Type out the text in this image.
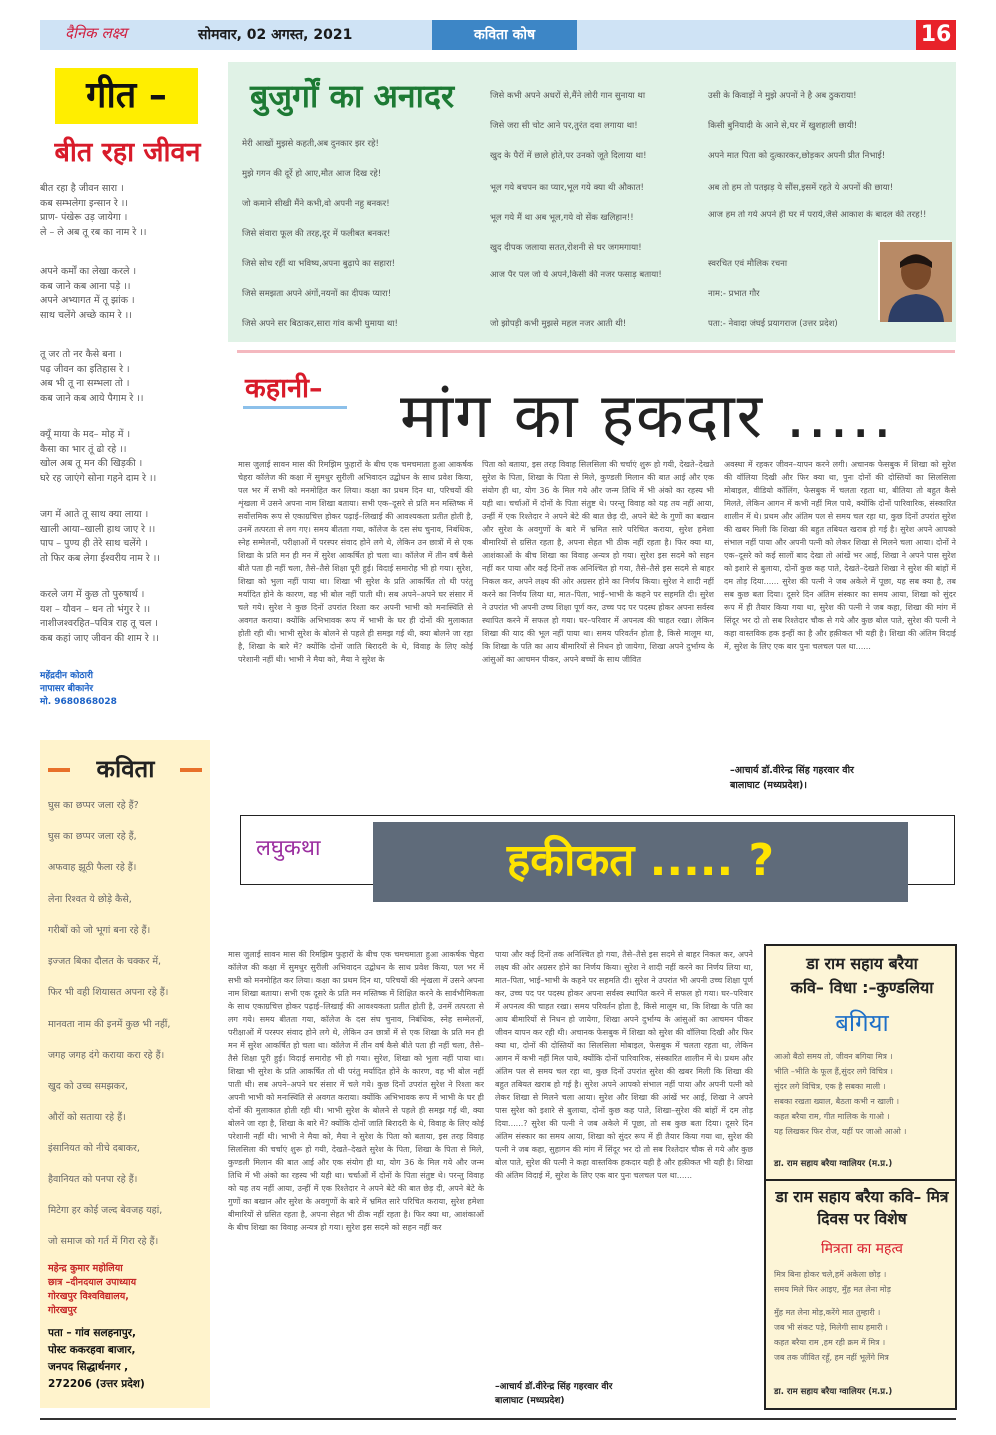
दैनिक लक्ष्य	सोमवार, 02 अगस्त, 2021	कविता कोष	16
गीत –
बीत रहा जीवन
बीत रहा है जीवन सारा ।
कब सम्भलेगा इन्सान रे ।।
प्राण- पंखेरू उड़ जायेगा ।
ले – ले अब तू रब का नाम रे ।।
अपने कर्मों का लेखा करले ।
कब जाने कब आना पड़े ।।
अपने अभ्यागत में तू झांक ।
साथ चलेंगे अच्छे काम रे ।।
तू जर तो नर कैसे बना ।
पढ़ जीवन का इतिहास रे ।
अब भी तू ना सम्भला तो ।
कब जाने कब आये पैगाम रे ।।
क्यूँ माया के मद– मोह में ।
कैसा का भार तूं ढो रहे ।।
खोल अब तू मन की खिड़की ।
घरे रह जाएंगे सोना गहने दाम रे ।।
जग में आते तू साथ क्या लाया ।
खाली आया–खाली हाथ जाए रे ।।
पाप – पुण्य ही तेरे साथ चलेंगे ।
तो फिर कब लेगा ईश्वरीय नाम रे ।।
करले जग में कुछ तो पुरुषार्थ ।
यश – यौवन – धन तो भंगुर रे ।।
नाशीजश्वरहित–पवित्र राह तू चल ।
कब कहां जाए जीवन की शाम रे ।।
महेंद्रदीन कोठारी
नापासर बीकानेर
मो. 9680868028
कविता
घुस का छप्पर जला रहे हैं?
घुस का छप्पर जला रहे हैं,
अफवाह झूठी फैला रहे हैं।
लेना रिश्वत ये छोड़े कैसे,
गरीबों को जो भूगां बना रहे हैं।
इज्जत बिका दौलत के चक्कर में,
फिर भी वही शियासत अपना रहे हैं।
मानवता नाम की इनमें कुछ भी नहीं,
जगह जगह दंगे कराया करा रहे हैं।
खुद को उच्च समझकर,
औरों को सताया रहे हैं।
इंसानियत को नीचे दबाकर,
हैवानियत को पनपा रहे हैं।
मिटेगा हर कोई जल्द बेवजह यहां,
जो समाज को गर्त में गिरा रहे हैं।
महेन्द्र कुमार महोलिया
छात्र –दीनदयाल उपाध्याय
गोरखपुर विश्वविद्यालय,
गोरखपुर
पता – गांव सलहनापुर,
पोस्ट ककरहवा बाजार,
जनपद सिद्धार्थनगर ,
272206 (उत्तर प्रदेश)
बुजुर्गों का अनादर
मेरी आखों मुझसे कहती,अब दुनकार झर रहे!
मुझे गगन की दूर्रे हो आए,मौत आज दिख रहे!
जो कमाने सीखी मैंने कभी,वो अपनी नहु बनकर!
जिसे संवारा फूल की तरह,दूर में फलीबत बनकर!
जिसे सोच रहीं था भविष्य,अपना बुढ़ापे का सहारा!
जिसे समझता अपने अंगों,नयनों का दीपक प्यारा!
जिसे अपने सर बिठाकर,सारा गांव कभी घुमाया था!
जिसे कभी अपने अधरों से,मैंने लोरी गान सुनाया था
जिसे जरा सी चोट आने पर,तुरंत दवा लगाया था!
खुद के पैरों में छाले होते,पर उनको जूते दिलाया था!
भूल गये बचपन का प्यार,भूल गये क्या थी औकात!
भूल गये मैं था अब भूल,गये वो सेंक खलिहान!!
खुद दीपक जलाया सतत,रोशनी से घर जगमगाया!
आज पैर पल जो ये अपने,किसी की नजर फसाड़ बताया!
जो झोपड़ी कभी मुझसे महल नजर आती थी!
उसी के किवाड़ों ने मुझे अपनों ने है अब ठुकराया!
किसी बुनियादी के आने से,घर में खुशहाली छायी!
अपने मात पिता को दुत्कारकर,छोड़कर अपनी प्रीत निभाई!
अब तो हम तो पतझड़ ये सौंस,इसमें रहते ये अपनों की छाया!
आज हम तो गये अपने ही घर में पराये,जैसे आकाश के बादल की तरह!!
स्वरचित एवं मौलिक रचना
नाम:- प्रभात गौर
पता:- नेवादा जंघई प्रयागराज (उत्तर प्रदेश)
कहानी– मांग का हकदार .....
मास जुलाई सावन मास की रिमझिम फुहारों के बीच एक चमचमाता हुआ आकर्षक चेहरा कॉलेज की कक्षा में सुमधुर सुरीली अभिवादन उद्बोधन के साथ प्रवेश किया, पल भर में सभी को मनमोहित कर लिया। कक्षा का प्रथम दिन था, परिचयों की शृंखला में उसने अपना नाम शिखा बताया। सभी एक–दूसरे से प्रति मन मस्तिष्क में सर्वोत्तमिक रूप से एकाग्रचित्त होकर पढ़ाई–लिखाई की आवश्यकता प्रतीत होती है, उनमें तत्परता से लग गए। समय बीतता गया, कॉलेज के दस संघ चुनाव, निबंधिक, स्नेह सम्मेलनों, परीक्षाओं में परस्पर संवाद होने लगे थे, लेकिन उन छात्रों में से एक शिखा के प्रति मन ही मन में सुरेश आकर्षित हो चला था। कॉलेज में तीन वर्ष कैसे बीते पता ही नहीं चला, तैसे–तैसे शिक्षा पूरी हुई। विदाई समारोह भी हो गया। सुरेश, शिखा को भुला नहीं पाया था। शिखा भी सुरेश के प्रति आकर्षित तो थी परंतु मर्यादित होने के कारण, वह भी बोल नहीं पाती थी। सब अपने–अपने घर संसार में चले गये। सुरेश ने कुछ दिनों उपरांत रिश्ता कर अपनी भाभी को मनःस्थिति से अवगत कराया। क्योंकि अभिभावक रूप में भाभी के घर ही दोनों की मुलाकात होती रही थी। भाभी सुरेश के बोलने से पहले ही समझ गई थी, क्या बोलने जा रहा है, शिखा के बारे में? क्योंकि दोनों जाति बिरादरी के थे, विवाह के लिए कोई परेशानी नहीं थी। भाभी ने मैया को, मैया ने सुरेश के
पिता को बताया, इस तरह विवाह सिलसिला की चर्चाएं शुरू हो गयी, देखते–देखते सुरेश के पिता, शिखा के पिता से मिले, कुण्डली मिलान की बात आई और एक संयोग ही था, योग 36 के मिल गये और जन्म तिथि में भी अंको का रहस्य भी यही था। चर्चाओं में दोनों के पिता संतुष्ट थे। परन्तु विवाह को यह तय नहीं आया, उन्हीं में एक रिश्तेदार ने अपने बेटे की बात छेड़ दी, अपने बेटे के गुणों का बखान और सुरेश के अवगुणों के बारे में भ्रमित सारे परिचित कराया, सुरेश हमेशा बीमारियों से ग्रसित रहता है, अपना सेहत भी ठीक नहीं रहता है। फिर क्या था, आशंकाओं के बीच शिखा का विवाह अन्यत्र हो गया। सुरेश इस सदमे को सहन नहीं कर पाया और कई दिनों तक अनिश्चित हो गया, तैसे–तैसे इस सदमे से बाहर निकल कर, अपने लक्ष्य की ओर अग्रसर होने का निर्णय किया। सुरेश ने शादी नहीं करने का निर्णय लिया था, मात–पिता, भाई–भाभी के कहने पर सहमति दी। सुरेश ने उपरांत भी अपनी उच्च शिक्षा पूर्ण कर, उच्च पद पर पदस्थ होकर अपना सर्वस्व स्थापित करने में सफल हो गया। घर–परिवार में अपनत्व की चाहत रखा। लेकिन शिखा की याद की भूल नहीं पाया था। समय परिवर्तन होता है, किसे मालूम था, कि शिखा के पति का आय बीमारियों से निधन हो जायेगा, शिखा अपने दुर्भाग्य के आंसुओं का आचमन पीकर, अपने बच्चों के साथ जीवित
अवस्था में रहकर जीवन–यापन करने लगी। अचानक फेसबुक में शिखा को सुरेश की वॉलिया दिखी और फिर क्या था, पुनः दोनों की दोस्तियों का सिलसिला मोबाइल, वीडियो कॉलिंग, फेसबुक में चलता रहता था, बीतिया तो बहुत कैसे मिलते, लेकिन आगन में कभी नहीं मिल पाये, क्योंकि दोनों पारिवारिक, संस्कारित शालीन में थे। प्रथम और अंतिम पल से समय चल रहा था, कुछ दिनों उपरांत सुरेश की खबर मिली कि शिखा की बहुत तबियत खराब हो गई है। सुरेश अपने आपको संभाल नहीं पाया और अपनी पत्नी को लेकर शिखा से मिलने चला आया। दोनों ने एक–दूसरे को कई सालों बाद देखा तो आंखें भर आई, शिखा ने अपने पास सुरेश को इशारे से बुलाया, दोनों कुछ कह पाते, देखते–देखते शिखा ने सुरेश की बांहों में दम तोड़ दिया...... सुरेश की पत्नी ने जब अकेले में पूछा, यह सब क्या है, तब सब कुछ बता दिया। दूसरे दिन अंतिम संस्कार का समय आया, शिखा को सुंदर रूप में ही तैयार किया गया था, सुरेश की पत्नी ने जब कहा, शिखा की मांग में सिंदूर भर दो तो सब रिश्तेदार चौक से गये और कुछ बोल पाते, सुरेश की पत्नी ने कहा वास्तविक हक इन्हीं का है और हक़ीकत भी यही है। शिखा की अंतिम विदाई में, सुरेश के लिए एक बार पुनः चलचल पल था......
–आचार्य डॉ.वीरेन्द्र सिंह गहरवार वीर
बालाघाट (मध्यप्रदेश)।
लघुकथा	हकीकत ..... ?
मास जुलाई सावन मास की रिमझिम फुहारों के बीच एक चमचमाता हुआ आकर्षक चेहरा कॉलेज की कक्षा में सुमधुर सुरीली अभिवादन उद्बोधन के साथ प्रवेश किया, पल भर में सभी को मनमोहित कर लिया। कक्षा का प्रथम दिन था, परिचयों की शृंखला में उसने अपना नाम शिखा बताया। सभी एक दूसरे के प्रति मन मस्तिष्क में शिक्षित करने के सार्वभौमिकता के साथ एकाग्रचित्त होकर पढ़ाई–लिखाई की आवश्यकता प्रतीत होती है, उनमें तत्परता से लग गये। समय बीतता गया, कॉलेज के दस संघ चुनाव, निबंधिक, स्नेह सम्मेलनों, परीक्षाओं में परस्पर संवाद होने लगे थे, लेकिन उन छात्रों में से एक शिखा के प्रति मन ही मन में सुरेश आकर्षित हो चला था। कॉलेज में तीन वर्ष कैसे बीते पता ही नहीं चला, तैसे–तैसे शिक्षा पूरी हुई। विदाई समारोह भी हो गया। सुरेश, शिखा को भुला नहीं पाया था। शिखा भी सुरेश के प्रति आकर्षित तो थी परंतु मर्यादित होने के कारण, वह भी बोल नहीं पाती थी। सब अपने–अपने घर संसार में चले गये। कुछ दिनों उपरांत सुरेश ने रिश्ता कर अपनी भाभी को मनःस्थिति से अवगत कराया। क्योंकि अभिभावक रूप में भाभी के घर ही दोनों की मुलाकात होती रही थी। भाभी सुरेश के बोलने से पहले ही समझ गई थी, क्या बोलने जा रहा है, शिखा के बारे में? क्योंकि दोनों जाति बिरादरी के थे, विवाह के लिए कोई परेशानी नहीं थी। भाभी ने मैया को, मैया ने सुरेश के पिता को बताया, इस तरह विवाह सिलसिला की चर्चाएं शुरू हो गयी, देखते–देखते सुरेश के पिता, शिखा के पिता से मिले, कुण्डली मिलान की बात आई और एक संयोग ही था, योग 36 के मिल गये और जन्म तिथि में भी अंको का रहस्य भी यही था। चर्चाओं में दोनों के पिता संतुष्ट थे। परन्तु विवाह को यह तय नहीं आया, उन्हीं में एक रिश्तेदार ने अपने बेटे की बात छेड़ दी, अपने बेटे के गुणों का बखान और सुरेश के अवगुणों के बारे में भ्रमित सारे परिचित कराया, सुरेश हमेशा बीमारियों से ग्रसित रहता है, अपना सेहत भी ठीक नहीं रहता है। फिर क्या था, आशंकाओं के बीच शिखा का विवाह अन्यत्र हो गया। सुरेश इस सदमे को सहन नहीं कर
पाया और कई दिनों तक अनिश्चित हो गया, तैसे–तैसे इस सदमे से बाहर निकल कर, अपने लक्ष्य की ओर अग्रसर होने का निर्णय किया। सुरेश ने शादी नहीं करने का निर्णय लिया था, मात–पिता, भाई–भाभी के कहने पर सहमति दी। सुरेश ने उपरांत भी अपनी उच्च शिक्षा पूर्ण कर, उच्च पद पर पदस्थ होकर अपना सर्वस्व स्थापित करने में सफल हो गया। घर–परिवार में अपनत्व की चाहत रखा। समय परिवर्तन होता है, किसे मालूम था, कि शिखा के पति का आय बीमारियों से निधन हो जायेगा, शिखा अपने दुर्भाग्य के आंसुओं का आचमन पीकर जीवन यापन कर रही थी। अचानक फेसबुक में शिखा को सुरेश की वॉलिया दिखी और फिर क्या था, दोनों की दोस्तियों का सिलसिला मोबाइल, फेसबुक में चलता रहता था, लेकिन आगन में कभी नहीं मिल पाये, क्योंकि दोनों पारिवारिक, संस्कारित शालीन में थे। प्रथम और अंतिम पल से समय चल रहा था, कुछ दिनों उपरांत सुरेश की खबर मिली कि शिखा की बहुत तबियत खराब हो गई है। सुरेश अपने आपको संभाल नहीं पाया और अपनी पत्नी को लेकर शिखा से मिलने चला आया। सुरेश और शिखा की आंखें भर आई, शिखा ने अपने पास सुरेश को इशारे से बुलाया, दोनों कुछ कह पाते, शिखा–सुरेश की बांहों में दम तोड़ दिया......? सुरेश की पत्नी ने जब अकेले में पूछा, तो सब कुछ बता दिया। दूसरे दिन अंतिम संस्कार का समय आया, शिखा को सुंदर रूप में ही तैयार किया गया था, सुरेश की पत्नी ने जब कहा, सुहागन की मांग में सिंदूर भर दो तो सब रिश्तेदार चौक से गये और कुछ बोल पाते, सुरेश की पत्नी ने कहा वास्तविक हकदार यही है और हक़ीकत भी यही है। शिखा की अंतिम विदाई में, सुरेश के लिए एक बार पुनः चलचल पल था......
–आचार्य डॉ.वीरेन्द्र सिंह गहरवार वीर
बालाघाट (मध्यप्रदेश)
डा राम सहाय बरैया
कवि– विधा :–कुण्डलिया
बगिया
आओ बैठो समय तो, जीवन बगिया मित्र ।
भीति –भीति के फूल हैं,सुंदर लगे विचित्र ।
सुंदर लगे विचित्र, एक है सबका माली ।
सबका रखता ख्याल, बैठता कभी न खाली ।
कहत बरैया राम, गीत मालिक के गाओ ।
यह लिखकर फिर रोज, यहीं पर जाओ आओ ।
डा. राम सहाय बरैया ग्वालियर (म.प्र.)
डा राम सहाय बरैया कवि– मित्र दिवस पर विशेष
मित्रता का महत्व
मित्र बिना होकर चले,हमें अकेला छोड़ ।
समय मिले फिर आइए, मुँह मत लेना मोड़
मुँह मत लेना मोड़,करेंगे मात तुम्हारी ।
जब भी संकट पड़े, मिलेगी साथ हमारी ।
कहत बरैया राम ,हम रही क्रम में मित्र ।
जब तक जीवित रहूँ, हम नहीं भूलेंगे मित्र
डा. राम सहाय बरैया ग्वालियर (म.प्र.)
